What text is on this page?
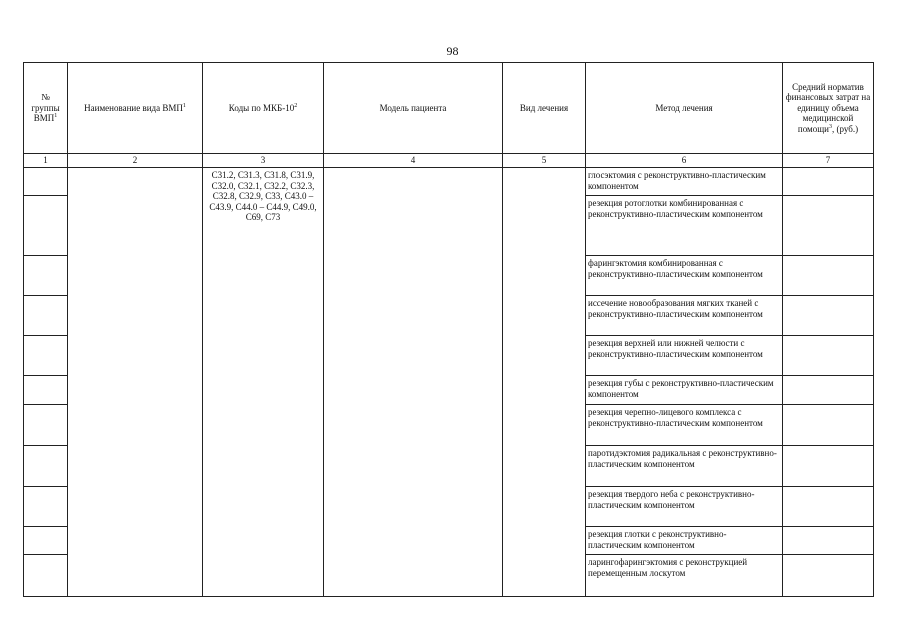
98
№ группы ВМП$^1$	Наименование вида ВМП$^1$	Коды по МКБ-$10^2$	Модель пациента	Вид лечения	Метод лечения	Средний норматив финансовых затрат на единицу объема медицинской помощи$^3$, (руб.)
1	2	3	4	5	6	7
		C31.2, C31.3, C31.8, C31.9, C32.0, C32.1, C32.2, C32.3, C32.8, C32.9, C33, C43.0 – C43.9, C44.0 – C44.9, C49.0, C69, C73			глосэктомия с реконструктивно-пластическим компонентом	
					резекция ротоглотки комбинированная с реконструктивно-пластическим компонентом	
					фарингэктомия комбинированная с реконструктивно-пластическим компонентом	
					иссечение новообразования мягких тканей с реконструктивно-пластическим компонентом	
					резекция верхней или нижней челюсти с реконструктивно-пластическим компонентом	
					резекция губы с реконструктивно-пластическим компонентом	
					резекция черепно-лицевого комплекса с реконструктивно-пластическим компонентом	
					паротидэктомия радикальная с реконструктивно-пластическим компонентом	
					резекция твердого неба с реконструктивно-пластическим компонентом	
					резекция глотки с реконструктивно-пластическим компонентом	
					ларингофарингэктомия с реконструкцией перемещенным лоскутом	
